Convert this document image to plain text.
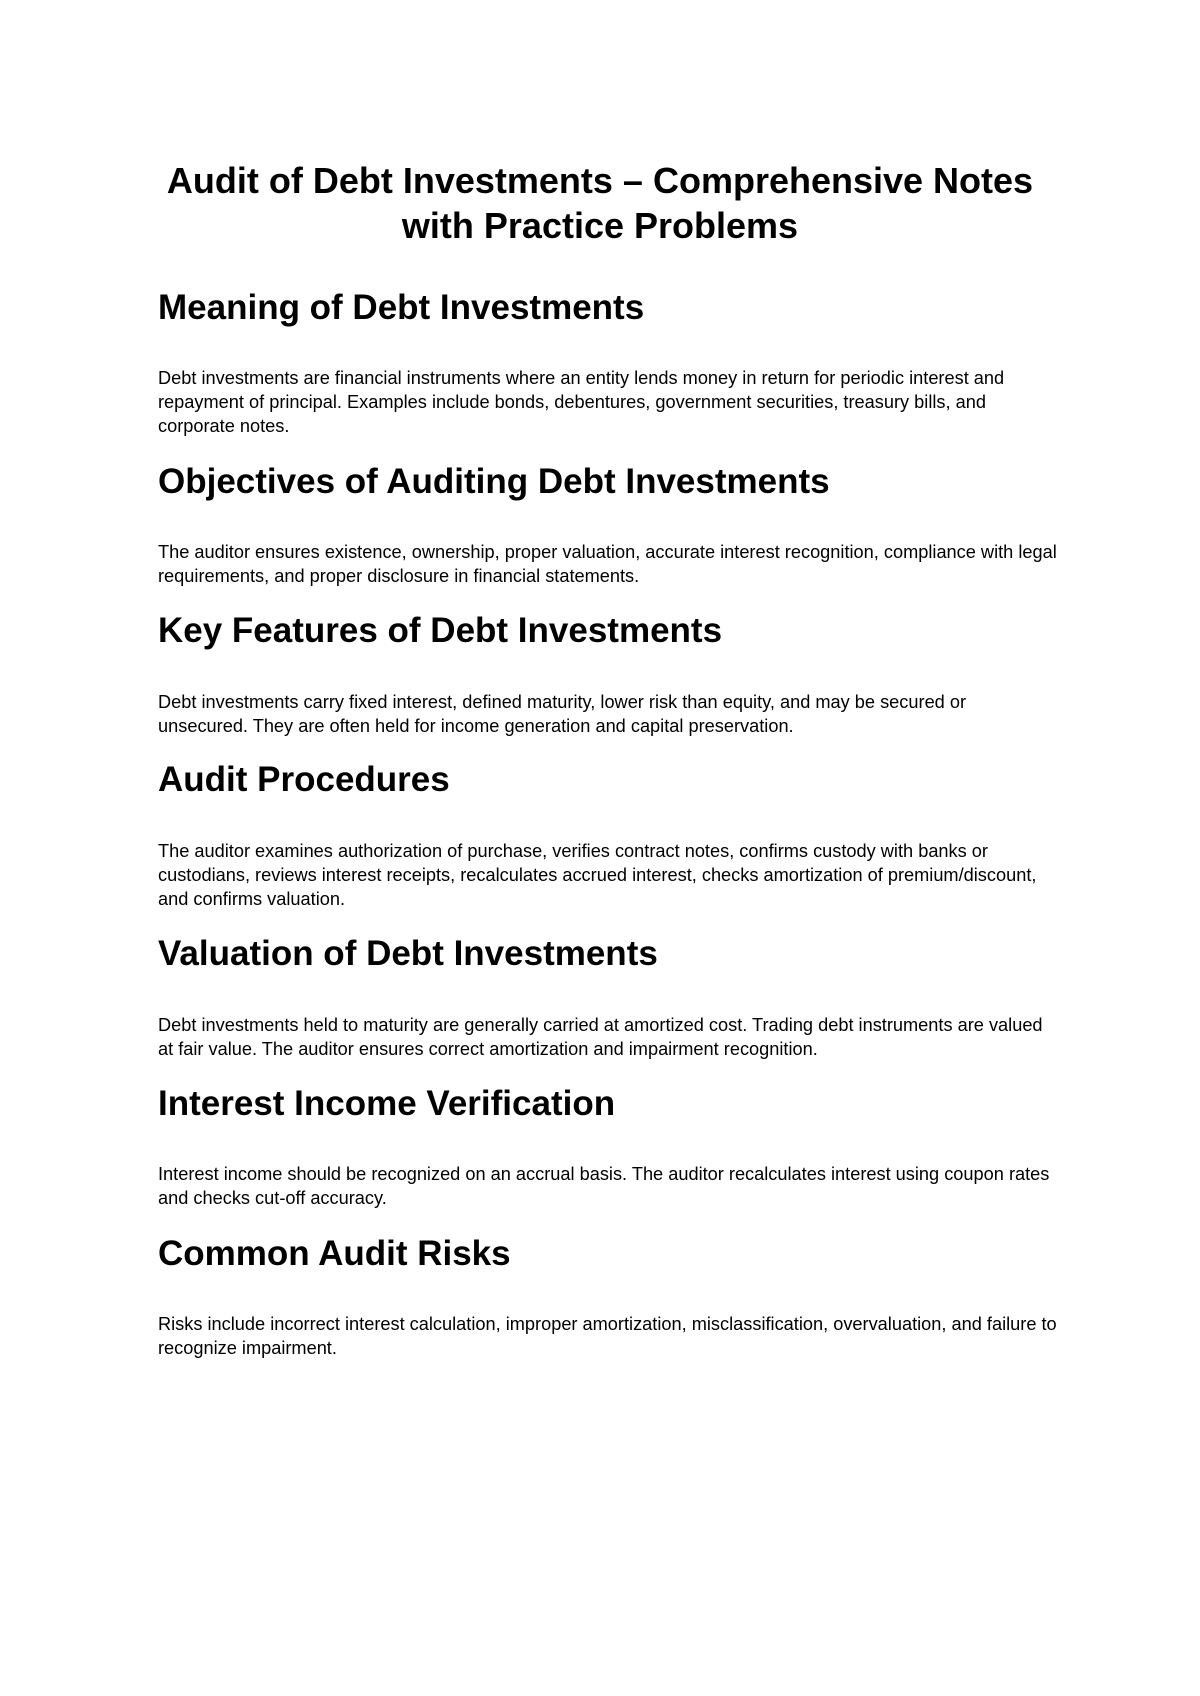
Audit of Debt Investments – Comprehensive Notes with Practice Problems
Meaning of Debt Investments

Debt investments are financial instruments where an entity lends money in return for periodic interest and repayment of principal. Examples include bonds, debentures, government securities, treasury bills, and corporate notes.

Objectives of Auditing Debt Investments

The auditor ensures existence, ownership, proper valuation, accurate interest recognition, compliance with legal requirements, and proper disclosure in financial statements.

Key Features of Debt Investments

Debt investments carry fixed interest, defined maturity, lower risk than equity, and may be secured or unsecured. They are often held for income generation and capital preservation.

Audit Procedures

The auditor examines authorization of purchase, verifies contract notes, confirms custody with banks or custodians, reviews interest receipts, recalculates accrued interest, checks amortization of premium/discount, and confirms valuation.

Valuation of Debt Investments

Debt investments held to maturity are generally carried at amortized cost. Trading debt instruments are valued at fair value. The auditor ensures correct amortization and impairment recognition.

Interest Income Verification

Interest income should be recognized on an accrual basis. The auditor recalculates interest using coupon rates and checks cut-off accuracy.

Common Audit Risks

Risks include incorrect interest calculation, improper amortization, misclassification, overvaluation, and failure to recognize impairment.
